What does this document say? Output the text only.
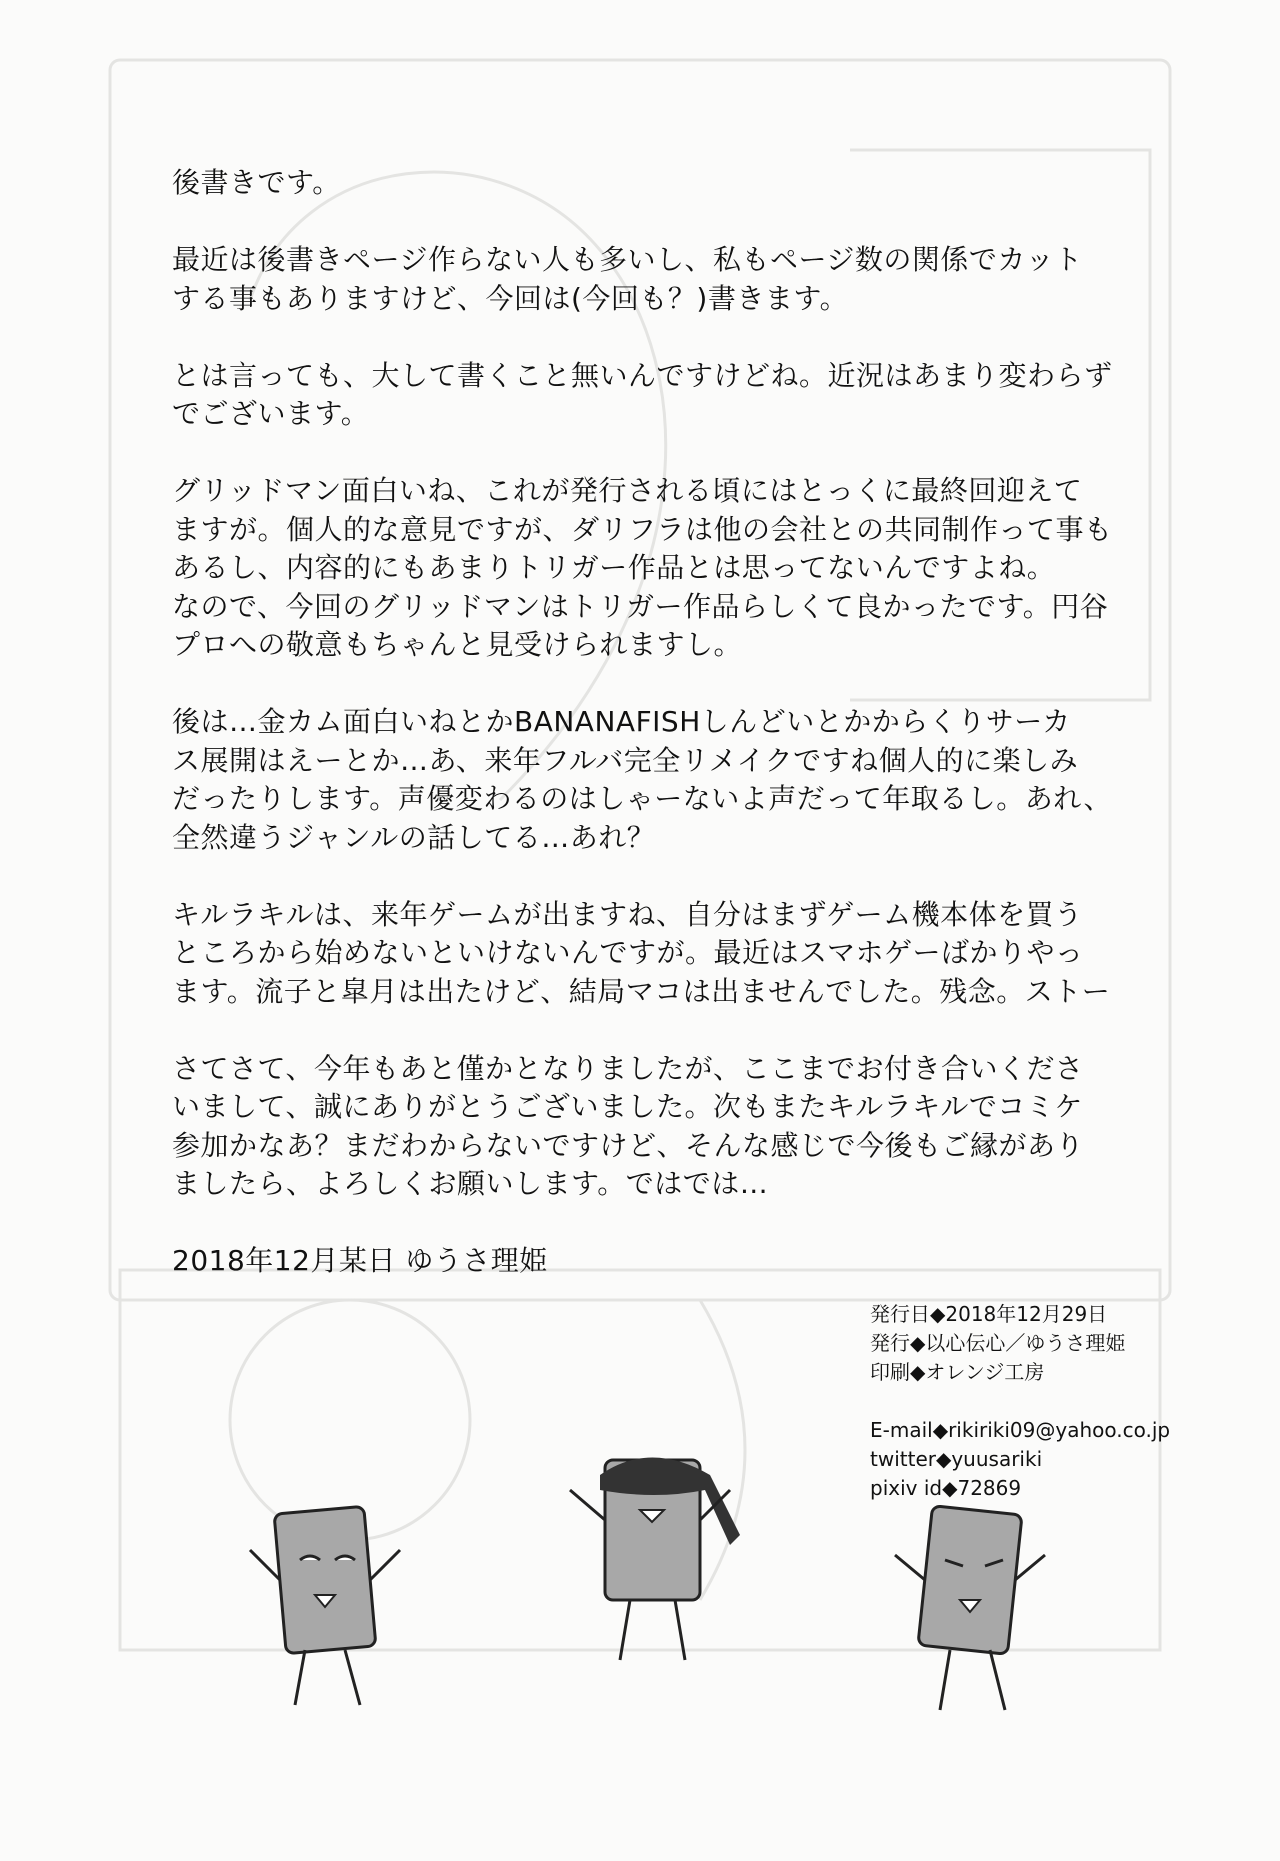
後書きです。

最近は後書きページ作らない人も多いし、私もページ数の関係でカット
する事もありますけど、今回は(今回も？)書きます。

とは言っても、大して書くこと無いんですけどね。近況はあまり変わらず
でございます。

グリッドマン面白いね、これが発行される頃にはとっくに最終回迎えて
ますが。個人的な意見ですが、ダリフラは他の会社との共同制作って事も
あるし、内容的にもあまりトリガー作品とは思ってないんですよね。
なので、今回のグリッドマンはトリガー作品らしくて良かったです。円谷
プロへの敬意もちゃんと見受けられますし。

後は…金カム面白いねとかBANANAFISHしんどいとかからくりサーカ
ス展開はえーとか…あ、来年フルバ完全リメイクですね個人的に楽しみ
だったりします。声優変わるのはしゃーないよ声だって年取るし。あれ、
全然違うジャンルの話してる…あれ？

キルラキルは、来年ゲームが出ますね、自分はまずゲーム機本体を買う
ところから始めないといけないんですが。最近はスマホゲーばかりやっ
ます。流子と皐月は出たけど、結局マコは出ませんでした。残念。ストー

さてさて、今年もあと僅かとなりましたが、ここまでお付き合いくださ
いまして、誠にありがとうございました。次もまたキルラキルでコミケ
参加かなあ？まだわからないですけど、そんな感じで今後もご縁があり
ましたら、よろしくお願いします。ではでは…

2018年12月某日 ゆうさ理姫

発行日◆2018年12月29日
発行◆以心伝心／ゆうさ理姫
印刷◆オレンジ工房
E-mail◆rikiriki09@yahoo.co.jp
twitter◆yuusariki
pixiv id◆72869
